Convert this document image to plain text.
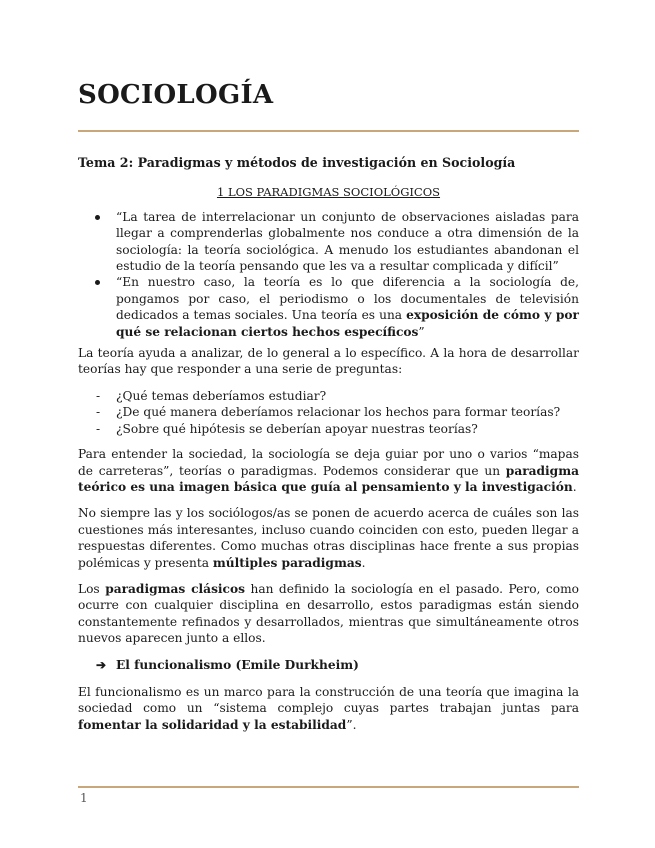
SOCIOLOGÍA

Tema 2: Paradigmas y métodos de investigación en Sociología

1 LOS PARADIGMAS SOCIOLÓGICOS

“La tarea de interrelacionar un conjunto de observaciones aisladas para llegar a comprenderlas globalmente nos conduce a otra dimensión de la sociología: la teoría sociológica. A menudo los estudiantes abandonan el estudio de la teoría pensando que les va a resultar complicada y difícil”
“En nuestro caso, la teoría es lo que diferencia a la sociología de, pongamos por caso, el periodismo o los documentales de televisión dedicados a temas sociales. Una teoría es una exposición de cómo y por qué se relacionan ciertos hechos específicos”

La teoría ayuda a analizar, de lo general a lo específico. A la hora de desarrollar teorías hay que responder a una serie de preguntas:

- ¿Qué temas deberíamos estudiar?
- ¿De qué manera deberíamos relacionar los hechos para formar teorías?
- ¿Sobre qué hipótesis se deberían apoyar nuestras teorías?

Para entender la sociedad, la sociología se deja guiar por uno o varios “mapas de carreteras”, teorías o paradigmas. Podemos considerar que un paradigma teórico es una imagen básica que guía al pensamiento y la investigación.

No siempre las y los sociólogos/as se ponen de acuerdo acerca de cuáles son las cuestiones más interesantes, incluso cuando coinciden con esto, pueden llegar a respuestas diferentes. Como muchas otras disciplinas hace frente a sus propias polémicas y presenta múltiples paradigmas.

Los paradigmas clásicos han definido la sociología en el pasado. Pero, como ocurre con cualquier disciplina en desarrollo, estos paradigmas están siendo constantemente refinados y desarrollados, mientras que simultáneamente otros nuevos aparecen junto a ellos.

➔ El funcionalismo (Emile Durkheim)

El funcionalismo es un marco para la construcción de una teoría que imagina la sociedad como un “sistema complejo cuyas partes trabajan juntas para fomentar la solidaridad y la estabilidad”.

1
